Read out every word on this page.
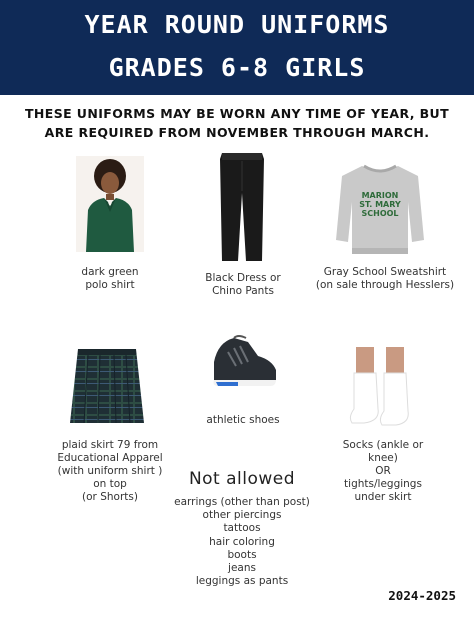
YEAR ROUND UNIFORMS
GRADES 6-8 GIRLS
THESE UNIFORMS MAY BE WORN ANY TIME OF YEAR, BUT
ARE REQUIRED FROM NOVEMBER THROUGH MARCH.
dark green
polo shirt
Black Dress or
Chino Pants
MARION
ST. MARY
SCHOOL
Gray School Sweatshirt
(on sale through Hesslers)
plaid skirt 79 from
Educational Apparel
(with uniform shirt )
on top
(or Shorts)
athletic shoes
Socks (ankle or
knee)
OR
tights/leggings
under skirt
Not allowed
earrings (other than post)
other piercings
tattoos
hair coloring
boots
jeans
leggings as pants
2024-2025
